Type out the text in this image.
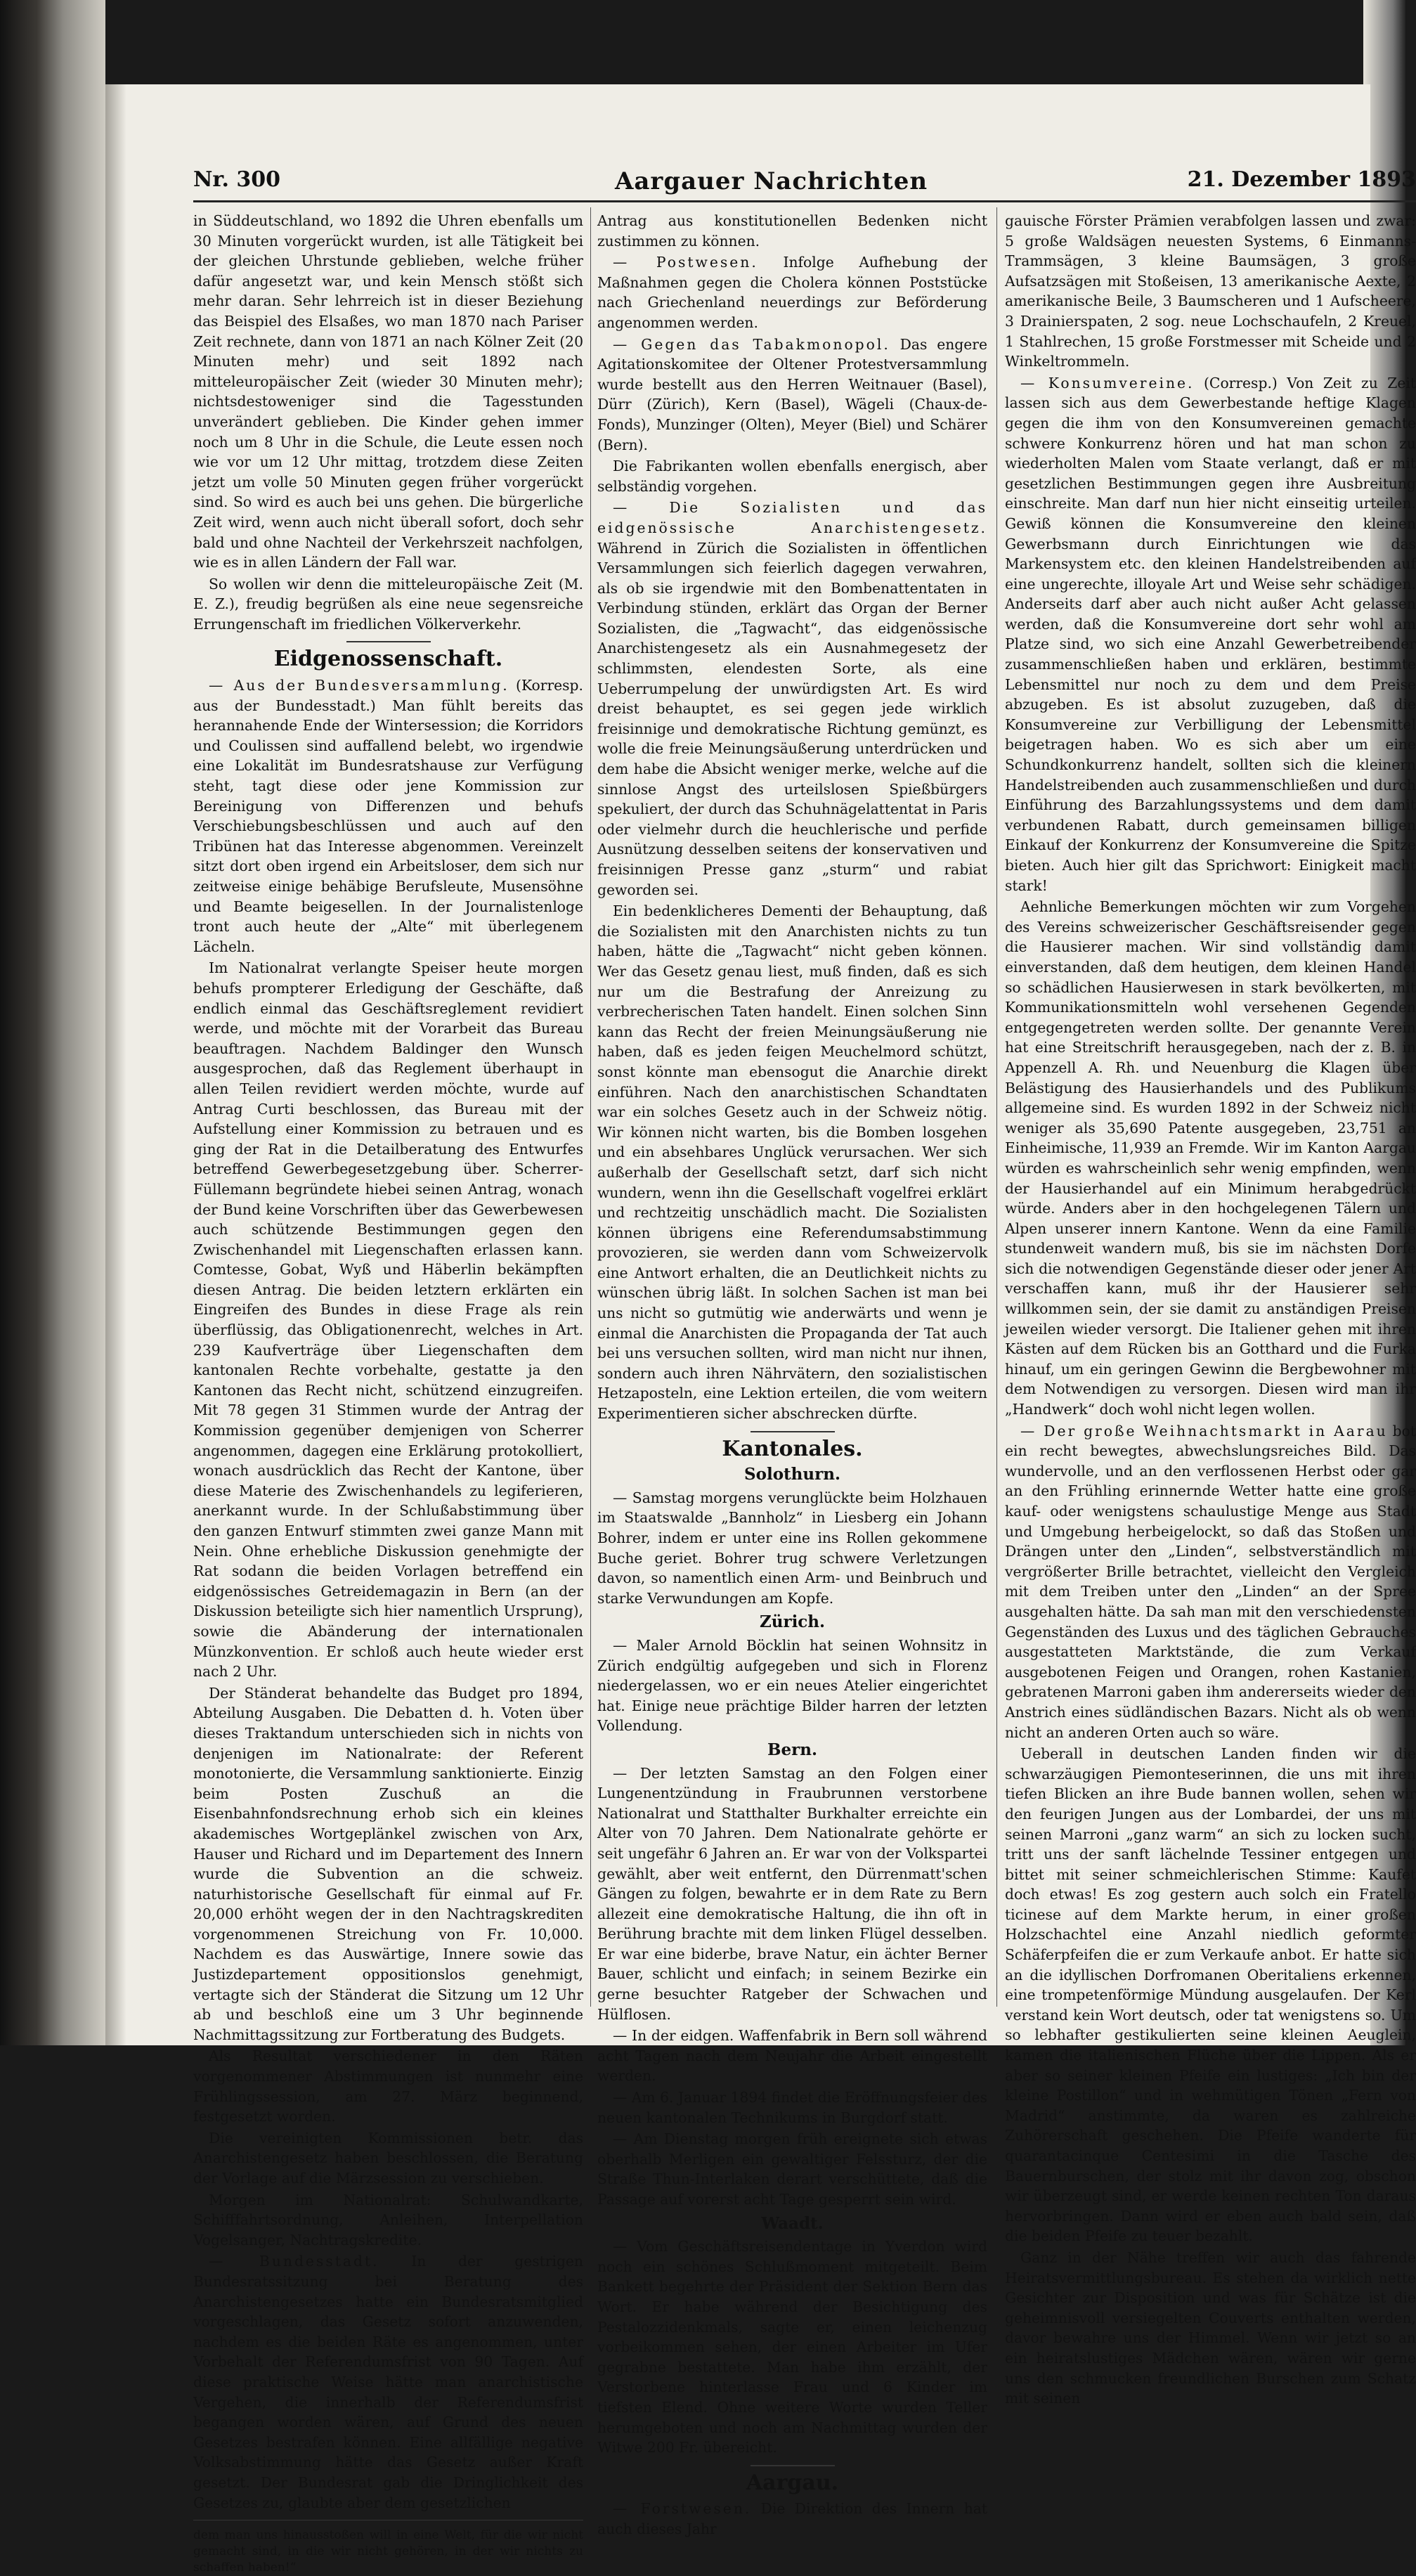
Nr. 300	Aargauer Nachrichten	21. Dezember 1893

in Süddeutschland, wo 1892 die Uhren ebenfalls um 30 Minuten vorgerückt wurden, ist alle Tätigkeit bei der gleichen Uhrstunde geblieben, welche früher dafür angesetzt war, und kein Mensch stößt sich mehr daran. Sehr lehrreich ist in dieser Beziehung das Beispiel des Elsaßes, wo man 1870 nach Pariser Zeit rechnete, dann von 1871 an nach Kölner Zeit (20 Minuten mehr) und seit 1892 nach mitteleuropäischer Zeit (wieder 30 Minuten mehr); nichtsdestoweniger sind die Tagesstunden unverändert geblieben. Die Kinder gehen immer noch um 8 Uhr in die Schule, die Leute essen noch wie vor um 12 Uhr mittag, trotzdem diese Zeiten jetzt um volle 50 Minuten gegen früher vorgerückt sind. So wird es auch bei uns gehen. Die bürgerliche Zeit wird, wenn auch nicht überall sofort, doch sehr bald und ohne Nachteil der Verkehrszeit nachfolgen, wie es in allen Ländern der Fall war.

So wollen wir denn die mitteleuropäische Zeit (M. E. Z.), freudig begrüßen als eine neue segensreiche Errungenschaft im friedlichen Völkerverkehr.

Eidgenossenschaft.

— Aus der Bundesversammlung. (Korresp. aus der Bundesstadt.) Man fühlt bereits das herannahende Ende der Wintersession; die Korridors und Coulissen sind auffallend belebt, wo irgendwie eine Lokalität im Bundesratshause zur Verfügung steht, tagt diese oder jene Kommission zur Bereinigung von Differenzen und behufs Verschiebungsbeschlüssen und auch auf den Tribünen hat das Interesse abgenommen. Vereinzelt sitzt dort oben irgend ein Arbeitsloser, dem sich nur zeitweise einige behäbige Berufsleute, Musensöhne und Beamte beigesellen. In der Journalistenloge tront auch heute der „Alte“ mit überlegenem Lächeln.

Im Nationalrat verlangte Speiser heute morgen behufs prompterer Erledigung der Geschäfte, daß endlich einmal das Geschäftsreglement revidiert werde, und möchte mit der Vorarbeit das Bureau beauftragen. Nachdem Baldinger den Wunsch ausgesprochen, daß das Reglement überhaupt in allen Teilen revidiert werden möchte, wurde auf Antrag Curti beschlossen, das Bureau mit der Aufstellung einer Kommission zu betrauen und es ging der Rat in die Detailberatung des Entwurfes betreffend Gewerbegesetzgebung über. Scherrer-Füllemann begründete hiebei seinen Antrag, wonach der Bund keine Vorschriften über das Gewerbewesen auch schützende Bestimmungen gegen den Zwischenhandel mit Liegenschaften erlassen kann. Comtesse, Gobat, Wyß und Häberlin bekämpften diesen Antrag. Die beiden letztern erklärten ein Eingreifen des Bundes in diese Frage als rein überflüssig, das Obligationenrecht, welches in Art. 239 Kaufverträge über Liegenschaften dem kantonalen Rechte vorbehalte, gestatte ja den Kantonen das Recht nicht, schützend einzugreifen. Mit 78 gegen 31 Stimmen wurde der Antrag der Kommission gegenüber demjenigen von Scherrer angenommen, dagegen eine Erklärung protokolliert, wonach ausdrücklich das Recht der Kantone, über diese Materie des Zwischenhandels zu legiferieren, anerkannt wurde. In der Schlußabstimmung über den ganzen Entwurf stimmten zwei ganze Mann mit Nein. Ohne erhebliche Diskussion genehmigte der Rat sodann die beiden Vorlagen betreffend ein eidgenössisches Getreidemagazin in Bern (an der Diskussion beteiligte sich hier namentlich Ursprung), sowie die Abänderung der internationalen Münzkonvention. Er schloß auch heute wieder erst nach 2 Uhr.

Der Ständerat behandelte das Budget pro 1894, Abteilung Ausgaben. Die Debatten d. h. Voten über dieses Traktandum unterschieden sich in nichts von denjenigen im Nationalrate: der Referent monotonierte, die Versammlung sanktionierte. Einzig beim Posten Zuschuß an die Eisenbahnfondsrechnung erhob sich ein kleines akademisches Wortgeplänkel zwischen von Arx, Hauser und Richard und im Departement des Innern wurde die Subvention an die schweiz. naturhistorische Gesellschaft für einmal auf Fr. 20,000 erhöht wegen der in den Nachtragskrediten vorgenommenen Streichung von Fr. 10,000. Nachdem es das Auswärtige, Innere sowie das Justizdepartement oppositionslos genehmigt, vertagte sich der Ständerat die Sitzung um 12 Uhr ab und beschloß eine um 3 Uhr beginnende Nachmittagssitzung zur Fortberatung des Budgets.

Als Resultat verschiedener in den Räten vorgenommener Abstimmungen ist nunmehr eine Frühlingssession, am 27. März beginnend, festgesetzt worden.

Die vereinigten Kommissionen betr. das Anarchistengesetz haben beschlossen, die Beratung der Vorlage auf die Märzsession zu verschieben.

Morgen im Nationalrat: Schulwandkarte, Schifffahrtsordnung, Anleihen, Interpellation Vogelsanger, Nachtragskredite.

— Bundesstadt. In der gestrigen Bundesratssitzung bei Beratung des Anarchistengesetzes hatte ein Bundesratsmitglied vorgeschlagen, das Gesetz sofort anzuwenden, nachdem es die beiden Räte es angenommen, unter Vorbehalt der Referendumsfrist von 90 Tagen. Auf diese praktische Weise hätte man anarchistische Vergehen, die innerhalb der Referendumsfrist begangen worden wären, auf Grund des neuen Gesetzes bestrafen können. Eine allfällige negative Volksabstimmung hätte das Gesetz außer Kraft gesetzt. Der Bundesrat gab die Dringlichkeit des Gesetzes zu, glaubte aber dem gesetzlichen

dem man uns hinausstoßen will in eine Welt, für die wir nicht gemacht sind, in die wir nicht gehören, in der wir nichts zu schaffen haben!“

Antrag aus konstitutionellen Bedenken nicht zustimmen zu können.

— Postwesen. Infolge Aufhebung der Maßnahmen gegen die Cholera können Poststücke nach Griechenland neuerdings zur Beförderung angenommen werden.

— Gegen das Tabakmonopol. Das engere Agitationskomitee der Oltener Protestversammlung wurde bestellt aus den Herren Weitnauer (Basel), Dürr (Zürich), Kern (Basel), Wägeli (Chaux-de-Fonds), Munzinger (Olten), Meyer (Biel) und Schärer (Bern).

Die Fabrikanten wollen ebenfalls energisch, aber selbständig vorgehen.

— Die Sozialisten und das eidgenössische Anarchistengesetz. Während in Zürich die Sozialisten in öffentlichen Versammlungen sich feierlich dagegen verwahren, als ob sie irgendwie mit den Bombenattentaten in Verbindung stünden, erklärt das Organ der Berner Sozialisten, die „Tagwacht“, das eidgenössische Anarchistengesetz als ein Ausnahmegesetz der schlimmsten, elendesten Sorte, als eine Ueberrumpelung der unwürdigsten Art. Es wird dreist behauptet, es sei gegen jede wirklich freisinnige und demokratische Richtung gemünzt, es wolle die freie Meinungsäußerung unterdrücken und dem habe die Absicht weniger merke, welche auf die sinnlose Angst des urteilslosen Spießbürgers spekuliert, der durch das Schuhnägelattentat in Paris oder vielmehr durch die heuchlerische und perfide Ausnützung desselben seitens der konservativen und freisinnigen Presse ganz „sturm“ und rabiat geworden sei.

Ein bedenklicheres Dementi der Behauptung, daß die Sozialisten mit den Anarchisten nichts zu tun haben, hätte die „Tagwacht“ nicht geben können. Wer das Gesetz genau liest, muß finden, daß es sich nur um die Bestrafung der Anreizung zu verbrecherischen Taten handelt. Einen solchen Sinn kann das Recht der freien Meinungsäußerung nie haben, daß es jeden feigen Meuchelmord schützt, sonst könnte man ebensogut die Anarchie direkt einführen. Nach den anarchistischen Schandtaten war ein solches Gesetz auch in der Schweiz nötig. Wir können nicht warten, bis die Bomben losgehen und ein absehbares Unglück verursachen. Wer sich außerhalb der Gesellschaft setzt, darf sich nicht wundern, wenn ihn die Gesellschaft vogelfrei erklärt und rechtzeitig unschädlich macht. Die Sozialisten können übrigens eine Referendumsabstimmung provozieren, sie werden dann vom Schweizervolk eine Antwort erhalten, die an Deutlichkeit nichts zu wünschen übrig läßt. In solchen Sachen ist man bei uns nicht so gutmütig wie anderwärts und wenn je einmal die Anarchisten die Propaganda der Tat auch bei uns versuchen sollten, wird man nicht nur ihnen, sondern auch ihren Nährvätern, den sozialistischen Hetzaposteln, eine Lektion erteilen, die vom weitern Experimentieren sicher abschrecken dürfte.

Kantonales.
Solothurn.

— Samstag morgens verunglückte beim Holzhauen im Staatswalde „Bannholz“ in Liesberg ein Johann Bohrer, indem er unter eine ins Rollen gekommene Buche geriet. Bohrer trug schwere Verletzungen davon, so namentlich einen Arm- und Beinbruch und starke Verwundungen am Kopfe.

Zürich.

— Maler Arnold Böcklin hat seinen Wohnsitz in Zürich endgültig aufgegeben und sich in Florenz niedergelassen, wo er ein neues Atelier eingerichtet hat. Einige neue prächtige Bilder harren der letzten Vollendung.

Bern.

— Der letzten Samstag an den Folgen einer Lungenentzündung in Fraubrunnen verstorbene Nationalrat und Statthalter Burkhalter erreichte ein Alter von 70 Jahren. Dem Nationalrate gehörte er seit ungefähr 6 Jahren an. Er war von der Volkspartei gewählt, aber weit entfernt, den Dürrenmatt'schen Gängen zu folgen, bewahrte er in dem Rate zu Bern allezeit eine demokratische Haltung, die ihn oft in Berührung brachte mit dem linken Flügel desselben. Er war eine biderbe, brave Natur, ein ächter Berner Bauer, schlicht und einfach; in seinem Bezirke ein gerne besuchter Ratgeber der Schwachen und Hülflosen.

— In der eidgen. Waffenfabrik in Bern soll während acht Tagen nach dem Neujahr die Arbeit eingestellt werden.

— Am 6. Januar 1894 findet die Eröffnungsfeier des neuen kantonalen Technikums in Burgdorf statt.

— Am Dienstag morgen früh ereignete sich etwas oberhalb Merligen ein gewaltiger Felssturz, der die Straße Thun-Interlaken derart verschüttete, daß die Passage auf vorerst acht Tage gesperrt sein wird.

Waadt.

— Vom Geschäftsreisendentage in Yverdon wird noch ein schönes Schlußmoment mitgeteilt. Beim Bankett begehrte der Präsident der Sektion Bern das Wort. Er habe während der Besichtigung des Pestalozzidenkmals, sagte er, einen leichenzug vorbeikommen sehen, der einen Arbeiter im Ufer gegrabne bestattete. Man habe ihm erzählt, der Verstorbene hinterlasse Frau und 6 Kinder im tiefsten Elend. Ohne weitere Worte wurden Teller herumgeboten und noch am Nachmittag wurden der Witwe 200 Fr. übereicht.

Aargau.

— Forstwesen. Die Direktion des Innern hat auch dieses Jahr

gauische Förster Prämien verabfolgen lassen und zwar: 5 große Waldsägen neuesten Systems, 6 Einmanns-Trammsägen, 3 kleine Baumsägen, 3 große Aufsatzsägen mit Stoßeisen, 13 amerikanische Aexte, 2 amerikanische Beile, 3 Baumscheren und 1 Aufscheere, 3 Drainierspaten, 2 sog. neue Lochschaufeln, 2 Kreuel, 1 Stahlrechen, 15 große Forstmesser mit Scheide und 2 Winkeltrommeln.

— Konsumvereine. (Corresp.) Von Zeit zu Zeit lassen sich aus dem Gewerbestande heftige Klagen gegen die ihm von den Konsumvereinen gemachte schwere Konkurrenz hören und hat man schon zu wiederholten Malen vom Staate verlangt, daß er mit gesetzlichen Bestimmungen gegen ihre Ausbreitung einschreite. Man darf nun hier nicht einseitig urteilen. Gewiß können die Konsumvereine den kleinen Gewerbsmann durch Einrichtungen wie das Markensystem etc. den kleinen Handelstreibenden auf eine ungerechte, illoyale Art und Weise sehr schädigen. Anderseits darf aber auch nicht außer Acht gelassen werden, daß die Konsumvereine dort sehr wohl am Platze sind, wo sich eine Anzahl Gewerbetreibender zusammenschließen haben und erklären, bestimmte Lebensmittel nur noch zu dem und dem Preise abzugeben. Es ist absolut zuzugeben, daß die Konsumvereine zur Verbilligung der Lebensmittel beigetragen haben. Wo es sich aber um eine Schundkonkurrenz handelt, sollten sich die kleinern Handelstreibenden auch zusammenschließen und durch Einführung des Barzahlungssystems und dem damit verbundenen Rabatt, durch gemeinsamen billigen Einkauf der Konkurrenz der Konsumvereine die Spitze bieten. Auch hier gilt das Sprichwort: Einigkeit macht stark!

Aehnliche Bemerkungen möchten wir zum Vorgehen des Vereins schweizerischer Geschäftsreisender gegen die Hausierer machen. Wir sind vollständig damit einverstanden, daß dem heutigen, dem kleinen Handel so schädlichen Hausierwesen in stark bevölkerten, mit Kommunikationsmitteln wohl versehenen Gegenden entgegengetreten werden sollte. Der genannte Verein hat eine Streitschrift herausgegeben, nach der z. B. in Appenzell A. Rh. und Neuenburg die Klagen über Belästigung des Hausierhandels und des Publikums allgemeine sind. Es wurden 1892 in der Schweiz nicht weniger als 35,690 Patente ausgegeben, 23,751 an Einheimische, 11,939 an Fremde. Wir im Kanton Aargau würden es wahrscheinlich sehr wenig empfinden, wenn der Hausierhandel auf ein Minimum herabgedrückt würde. Anders aber in den hochgelegenen Tälern und Alpen unserer innern Kantone. Wenn da eine Familie stundenweit wandern muß, bis sie im nächsten Dorfe sich die notwendigen Gegenstände dieser oder jener Art verschaffen kann, muß ihr der Hausierer sehr willkommen sein, der sie damit zu anständigen Preisen jeweilen wieder versorgt. Die Italiener gehen mit ihren Kästen auf dem Rücken bis an Gotthard und die Furka hinauf, um ein geringen Gewinn die Bergbewohner mit dem Notwendigen zu versorgen. Diesen wird man ihr „Handwerk“ doch wohl nicht legen wollen.

— Der große Weihnachtsmarkt in Aarau bot ein recht bewegtes, abwechslungsreiches Bild. Das wundervolle, und an den verflossenen Herbst oder gar an den Frühling erinnernde Wetter hatte eine große kauf- oder wenigstens schaulustige Menge aus Stadt und Umgebung herbeigelockt, so daß das Stoßen und Drängen unter den „Linden“, selbstverständlich mit vergrößerter Brille betrachtet, vielleicht den Vergleich mit dem Treiben unter den „Linden“ an der Spree ausgehalten hätte. Da sah man mit den verschiedensten Gegenständen des Luxus und des täglichen Gebrauches ausgestatteten Marktstände, die zum Verkauf ausgebotenen Feigen und Orangen, rohen Kastanien, gebratenen Marroni gaben ihm andererseits wieder den Anstrich eines südländischen Bazars. Nicht als ob wenn nicht an anderen Orten auch so wäre.

Ueberall in deutschen Landen finden wir die schwarzäugigen Piemonteserinnen, die uns mit ihren tiefen Blicken an ihre Bude bannen wollen, sehen wir den feurigen Jungen aus der Lombardei, der uns mit seinen Marroni „ganz warm“ an sich zu locken sucht, tritt uns der sanft lächelnde Tessiner entgegen und bittet mit seiner schmeichlerischen Stimme: Kaufet doch etwas! Es zog gestern auch solch ein Fratello ticinese auf dem Markte herum, in einer großen Holzschachtel eine Anzahl niedlich geformter Schäferpfeifen die er zum Verkaufe anbot. Er hatte sich an die idyllischen Dorfromanen Oberitaliens erkennen, eine trompetenförmige Mündung ausgelaufen. Der Kerl verstand kein Wort deutsch, oder tat wenigstens so. Um so lebhafter gestikulierten seine kleinen Aeuglein, kamen die italienischen Flüche über die Lippen. Als er aber so seiner kleinen Pfeife ein lustiges: „Ich bin der kleine Postillon“ und in wehmütigen Tönen „Fern von Madrid“ anstimmte, da waren es zahlreiche Zuhörerschaft geschehen. Die Pfeife wanderte für quarantacinque Centesimi in die Tasche des Bauernburschen, der stolz mit ihr davon zog, obschon wir überzeugt sind, er werde keinen rechten Ton daraus hervorbringen. Dann wird er eben auch bald sein, daß die beiden Pfeife zu teuer bezahlt.

Ganz in der Nähe treffen wir auch das fahrende Heiratsvermittlungsbureau. Es stehen da wirklich nette Gesichter zur Disposition und was für Schätze ist die geheimnisvoll versiegelten Couverts enthalten werden, davor bewahre uns der Himmel. Wenn wir jetzt so an ein heiratslustiges Mädchen wären, wären wir gerne uns den schmucken freundlichen Burschen zum Schatz mit seinen
